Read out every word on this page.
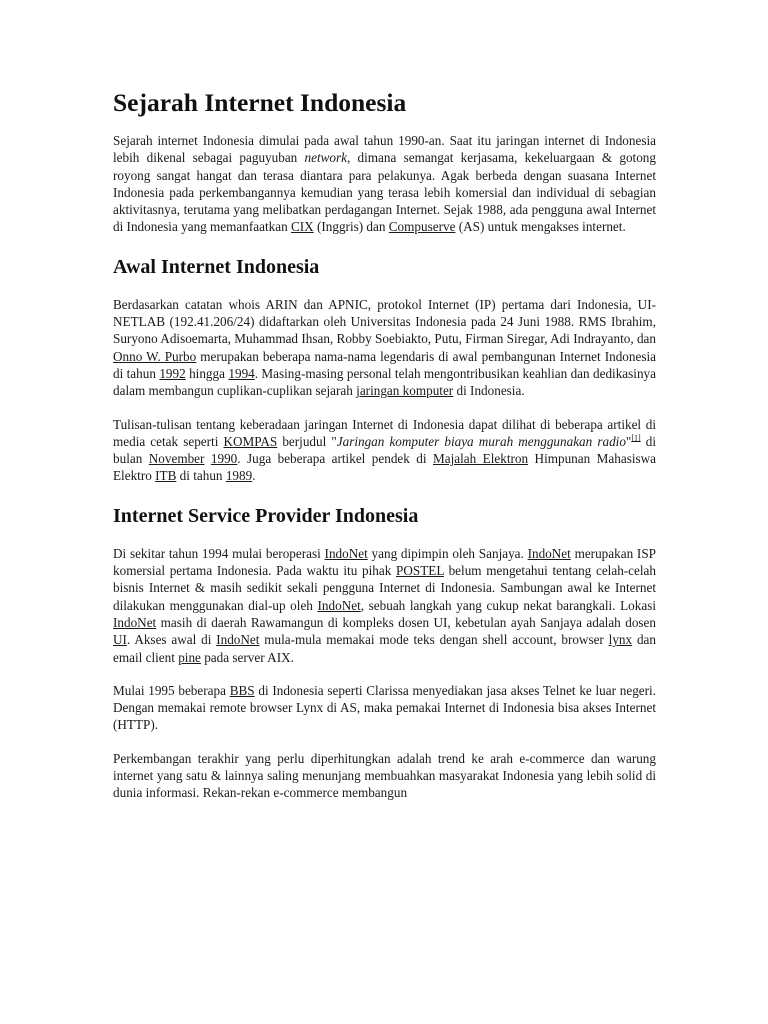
Sejarah Internet Indonesia

Sejarah internet Indonesia dimulai pada awal tahun 1990-an. Saat itu jaringan internet di Indonesia lebih dikenal sebagai paguyuban network, dimana semangat kerjasama, kekeluargaan & gotong royong sangat hangat dan terasa diantara para pelakunya. Agak berbeda dengan suasana Internet Indonesia pada perkembangannya kemudian yang terasa lebih komersial dan individual di sebagian aktivitasnya, terutama yang melibatkan perdagangan Internet. Sejak 1988, ada pengguna awal Internet di Indonesia yang memanfaatkan CIX (Inggris) dan Compuserve (AS) untuk mengakses internet.

Awal Internet Indonesia

Berdasarkan catatan whois ARIN dan APNIC, protokol Internet (IP) pertama dari Indonesia, UI-NETLAB (192.41.206/24) didaftarkan oleh Universitas Indonesia pada 24 Juni 1988. RMS Ibrahim, Suryono Adisoemarta, Muhammad Ihsan, Robby Soebiakto, Putu, Firman Siregar, Adi Indrayanto, dan Onno W. Purbo merupakan beberapa nama-nama legendaris di awal pembangunan Internet Indonesia di tahun 1992 hingga 1994. Masing-masing personal telah mengontribusikan keahlian dan dedikasinya dalam membangun cuplikan-cuplikan sejarah jaringan komputer di Indonesia.

Tulisan-tulisan tentang keberadaan jaringan Internet di Indonesia dapat dilihat di beberapa artikel di media cetak seperti KOMPAS berjudul "Jaringan komputer biaya murah menggunakan radio"[1] di bulan November 1990. Juga beberapa artikel pendek di Majalah Elektron Himpunan Mahasiswa Elektro ITB di tahun 1989.

Internet Service Provider Indonesia

Di sekitar tahun 1994 mulai beroperasi IndoNet yang dipimpin oleh Sanjaya. IndoNet merupakan ISP komersial pertama Indonesia. Pada waktu itu pihak POSTEL belum mengetahui tentang celah-celah bisnis Internet & masih sedikit sekali pengguna Internet di Indonesia. Sambungan awal ke Internet dilakukan menggunakan dial-up oleh IndoNet, sebuah langkah yang cukup nekat barangkali. Lokasi IndoNet masih di daerah Rawamangun di kompleks dosen UI, kebetulan ayah Sanjaya adalah dosen UI. Akses awal di IndoNet mula-mula memakai mode teks dengan shell account, browser lynx dan email client pine pada server AIX.

Mulai 1995 beberapa BBS di Indonesia seperti Clarissa menyediakan jasa akses Telnet ke luar negeri. Dengan memakai remote browser Lynx di AS, maka pemakai Internet di Indonesia bisa akses Internet (HTTP).

Perkembangan terakhir yang perlu diperhitungkan adalah trend ke arah e-commerce dan warung internet yang satu & lainnya saling menunjang membuahkan masyarakat Indonesia yang lebih solid di dunia informasi. Rekan-rekan e-commerce membangun
